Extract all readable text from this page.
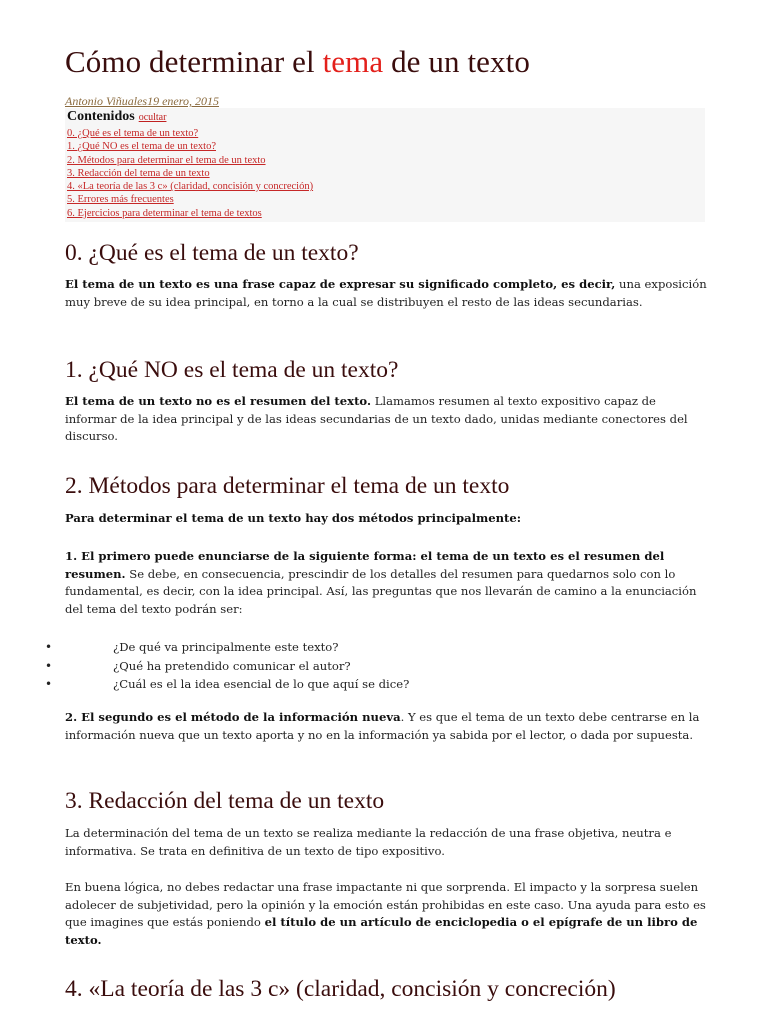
Cómo determinar el tema de un texto
Antonio Viñuales19 enero, 2015
Contenidos ocultar
0. ¿Qué es el tema de un texto?
1. ¿Qué NO es el tema de un texto?
2. Métodos para determinar el tema de un texto
3. Redacción del tema de un texto
4. «La teoría de las 3 c» (claridad, concisión y concreción)
5. Errores más frecuentes
6. Ejercicios para determinar el tema de textos
0. ¿Qué es el tema de un texto?
El tema de un texto es una frase capaz de expresar su significado completo, es decir, una exposición muy breve de su idea principal, en torno a la cual se distribuyen el resto de las ideas secundarias.
1. ¿Qué NO es el tema de un texto?
El tema de un texto no es el resumen del texto. Llamamos resumen al texto expositivo capaz de informar de la idea principal y de las ideas secundarias de un texto dado, unidas mediante conectores del discurso.
2. Métodos para determinar el tema de un texto
Para determinar el tema de un texto hay dos métodos principalmente:
1. El primero puede enunciarse de la siguiente forma: el tema de un texto es el resumen del resumen. Se debe, en consecuencia, prescindir de los detalles del resumen para quedarnos solo con lo fundamental, es decir, con la idea principal. Así, las preguntas que nos llevarán de camino a la enunciación del tema del texto podrán ser:
• ¿De qué va principalmente este texto?
• ¿Qué ha pretendido comunicar el autor?
• ¿Cuál es el la idea esencial de lo que aquí se dice?
2. El segundo es el método de la información nueva. Y es que el tema de un texto debe centrarse en la información nueva que un texto aporta y no en la información ya sabida por el lector, o dada por supuesta.
3. Redacción del tema de un texto
La determinación del tema de un texto se realiza mediante la redacción de una frase objetiva, neutra e informativa. Se trata en definitiva de un texto de tipo expositivo.
En buena lógica, no debes redactar una frase impactante ni que sorprenda. El impacto y la sorpresa suelen adolecer de subjetividad, pero la opinión y la emoción están prohibidas en este caso. Una ayuda para esto es que imagines que estás poniendo el título de un artículo de enciclopedia o el epígrafe de un libro de texto.
4. «La teoría de las 3 c» (claridad, concisión y concreción)
